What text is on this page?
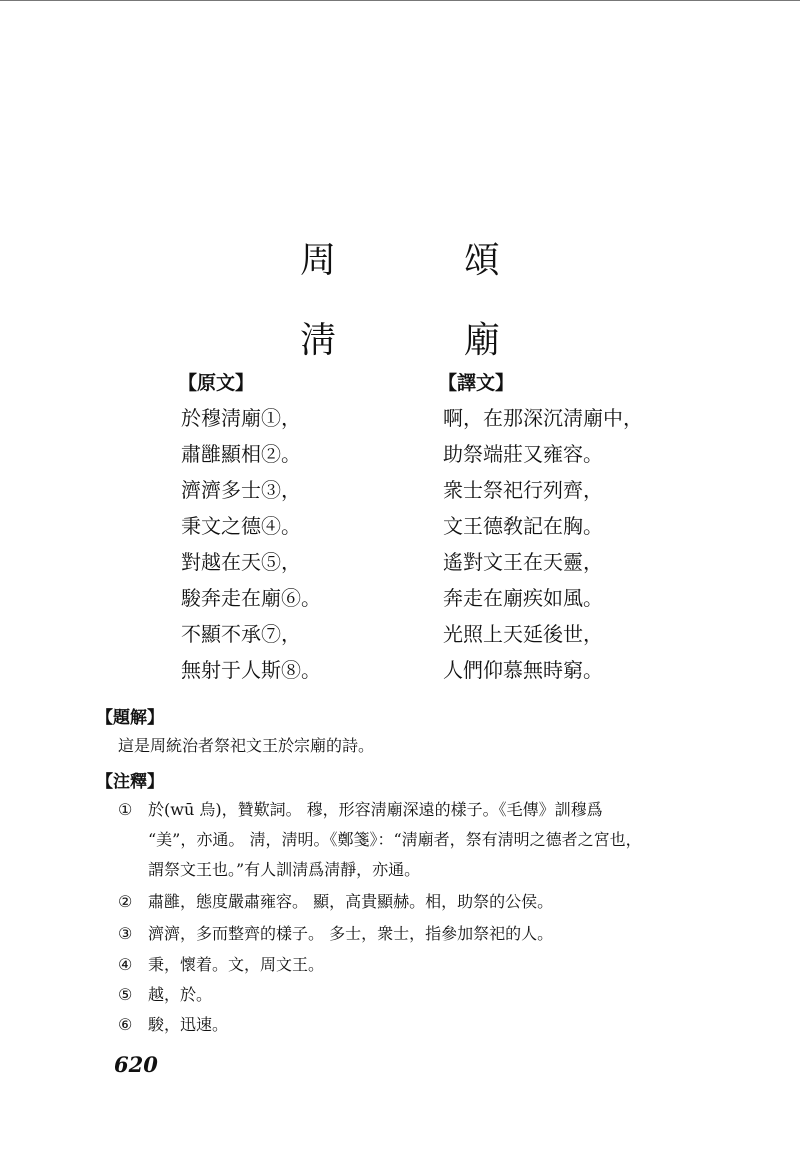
周　頌
淸　廟
【原文】	【譯文】
於穆淸廟①，
肅雝顯相②。
濟濟多士③，
秉文之德④。
對越在天⑤，
駿奔走在廟⑥。
不顯不承⑦，
無射于人斯⑧。
啊，在那深沉淸廟中，
助祭端莊又雍容。
衆士祭祀行列齊，
文王德敎記在胸。
遙對文王在天靈，
奔走在廟疾如風。
光照上天延後世，
人們仰慕無時窮。
【題解】
這是周統治者祭祀文王於宗廟的詩。
【注釋】
① 於(wū 烏)，贊歎詞。 穆，形容淸廟深遠的樣子。《毛傳》訓穆爲
“美”，亦通。 淸，淸明。《鄭箋》：“淸廟者，祭有淸明之德者之宮也，
謂祭文王也。”有人訓淸爲淸靜，亦通。
② 肅雝，態度嚴肅雍容。 顯，高貴顯赫。相，助祭的公侯。
③ 濟濟，多而整齊的樣子。 多士，衆士，指參加祭祀的人。
④ 秉，懷着。文，周文王。
⑤ 越，於。
⑥ 駿，迅速。
620
